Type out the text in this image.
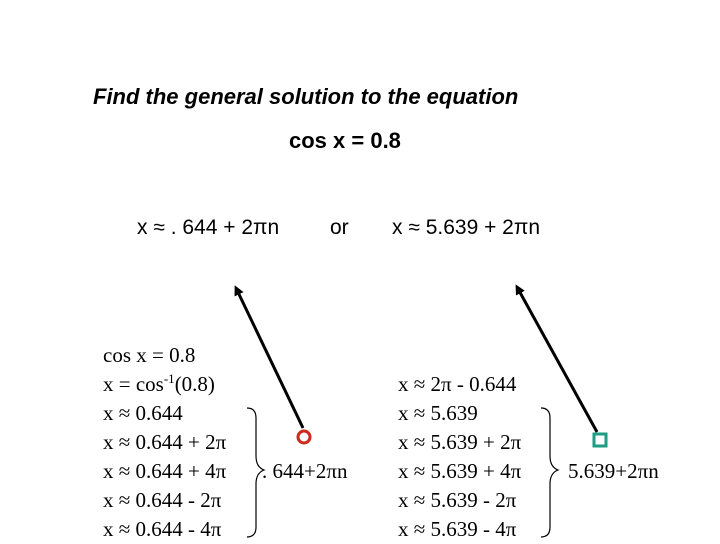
Find the general solution to the equation
cos x = 0.8
x ≈ . 644 + 2πn or x ≈ 5.639 + 2πn
cos x = 0.8
$x = \cos^{-1}(0.8)$
x ≈ 0.644
x ≈ 0.644 + 2π
x ≈ 0.644 + 4π
x ≈ 0.644 - 2π
x ≈ 0.644 - 4π
. 644+2πn
x ≈ 2π - 0.644
x ≈ 5.639
x ≈ 5.639 + 2π
x ≈ 5.639 + 4π
x ≈ 5.639 - 2π
x ≈ 5.639 - 4π
5.639+2πn
